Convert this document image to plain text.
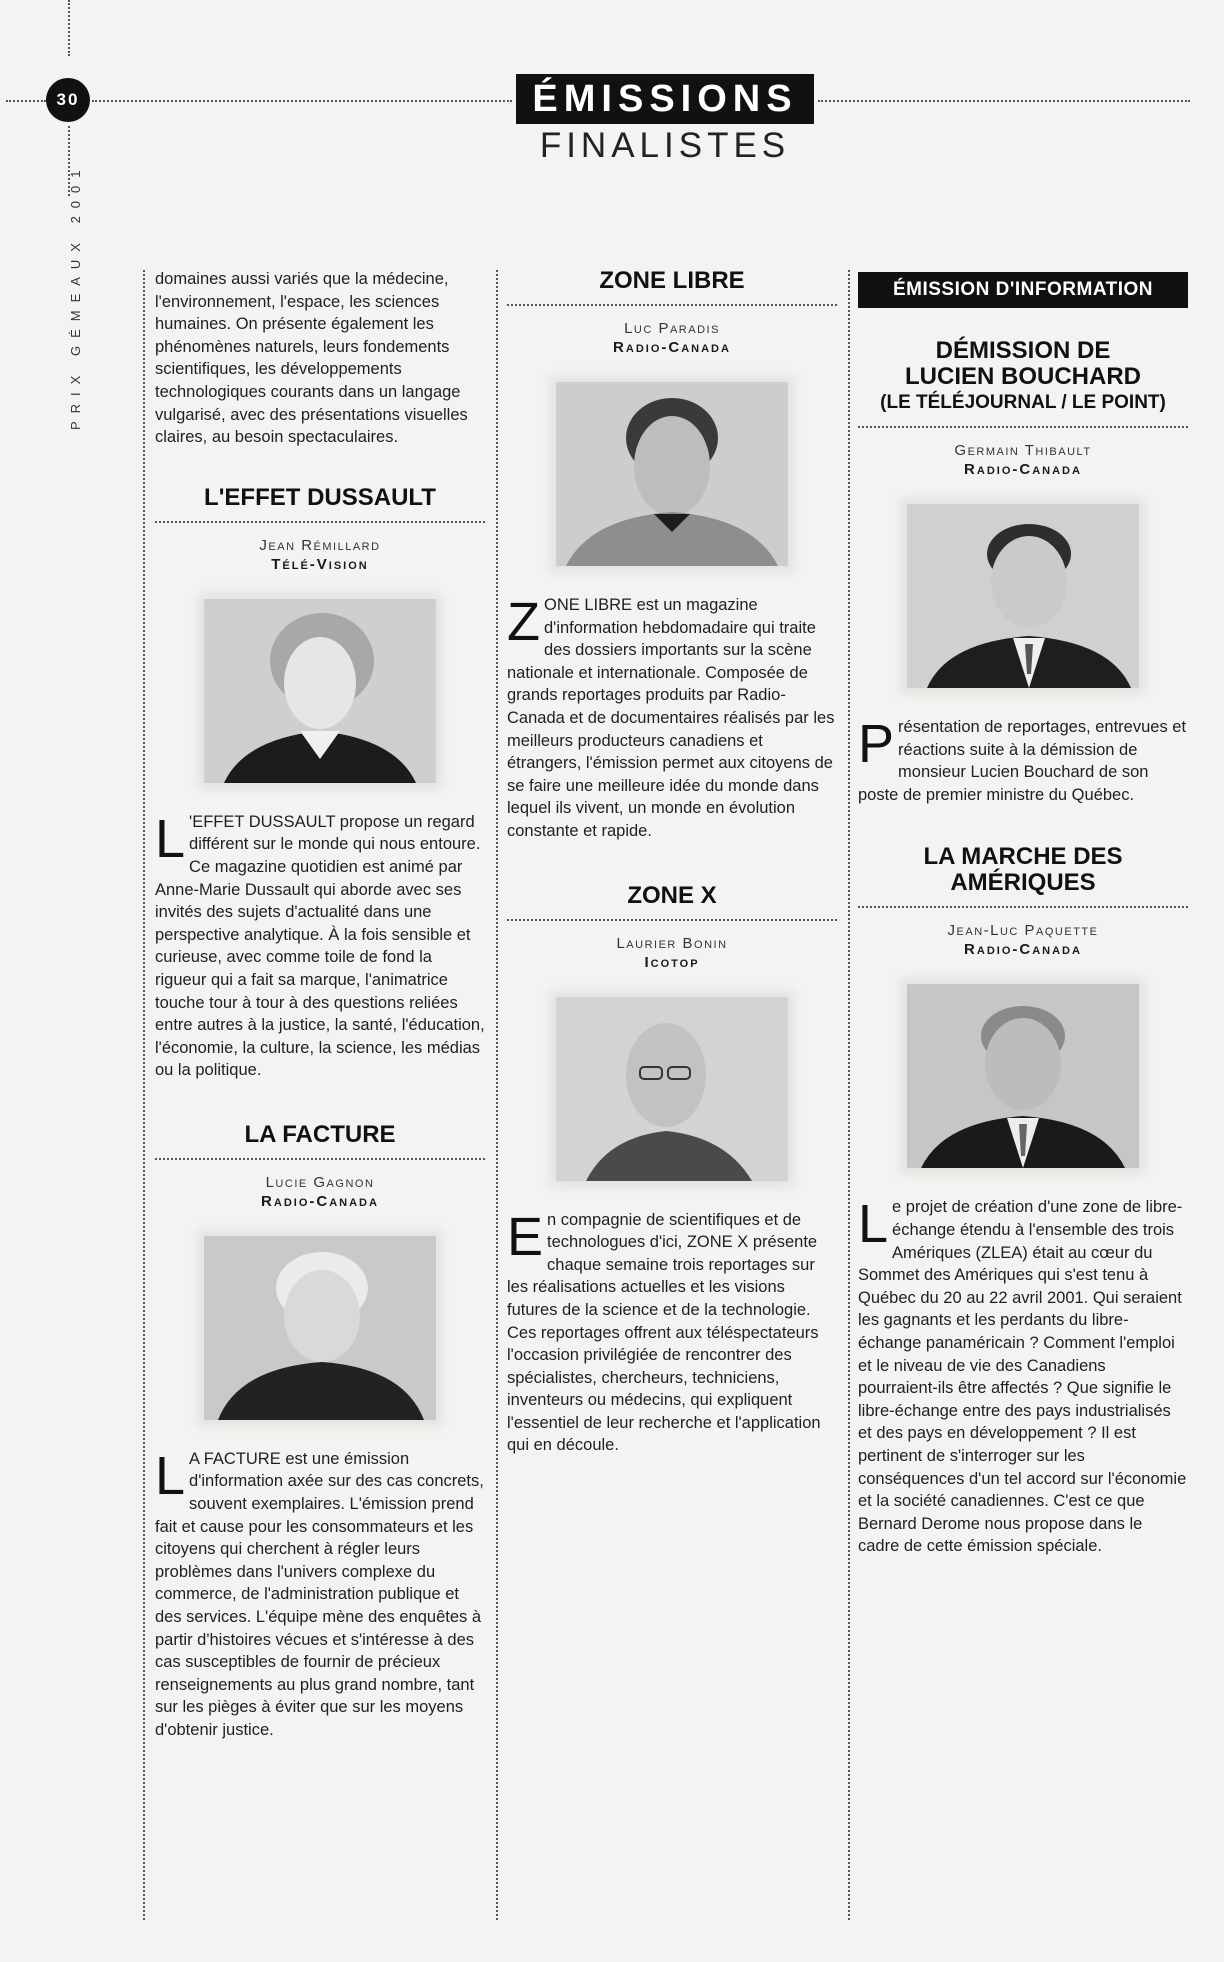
30
PRIX GÉMEAUX 2001
ÉMISSIONS
FINALISTES

domaines aussi variés que la médecine, l'environnement, l'espace, les sciences humaines. On présente également les phénomènes naturels, leurs fondements scientifiques, les développements technologiques courants dans un langage vulgarisé, avec des présentations visuelles claires, au besoin spectaculaires.

L'EFFET DUSSAULT
Jean Rémillard
Télé-Vision

L 'EFFET DUSSAULT propose un regard différent sur le monde qui nous entoure. Ce magazine quotidien est animé par Anne-Marie Dussault qui aborde avec ses invités des sujets d'actualité dans une perspective analytique. À la fois sensible et curieuse, avec comme toile de fond la rigueur qui a fait sa marque, l'animatrice touche tour à tour à des questions reliées entre autres à la justice, la santé, l'éducation, l'économie, la culture, la science, les médias ou la politique.

LA FACTURE
Lucie Gagnon
Radio-Canada

L A FACTURE est une émission d'information axée sur des cas concrets, souvent exemplaires. L'émission prend fait et cause pour les consommateurs et les citoyens qui cherchent à régler leurs problèmes dans l'univers complexe du commerce, de l'administration publique et des services. L'équipe mène des enquêtes à partir d'histoires vécues et s'intéresse à des cas susceptibles de fournir de précieux renseignements au plus grand nombre, tant sur les pièges à éviter que sur les moyens d'obtenir justice.

ZONE LIBRE
Luc Paradis
Radio-Canada

ZONE LIBRE est un magazine d'information hebdomadaire qui traite des dossiers importants sur la scène nationale et internationale. Composée de grands reportages produits par Radio-Canada et de documentaires réalisés par les meilleurs producteurs canadiens et étrangers, l'émission permet aux citoyens de se faire une meilleure idée du monde dans lequel ils vivent, un monde en évolution constante et rapide.

ZONE X
Laurier Bonin
Icotop

En compagnie de scientifiques et de technologues d'ici, ZONE X présente chaque semaine trois reportages sur les réalisations actuelles et les visions futures de la science et de la technologie. Ces reportages offrent aux téléspectateurs l'occasion privilégiée de rencontrer des spécialistes, chercheurs, techniciens, inventeurs ou médecins, qui expliquent l'essentiel de leur recherche et l'application qui en découle.

ÉMISSION D'INFORMATION
DÉMISSION DE LUCIEN BOUCHARD
(LE TÉLÉJOURNAL / LE POINT)
Germain Thibault
Radio-Canada

Présentation de reportages, entrevues et réactions suite à la démission de monsieur Lucien Bouchard de son poste de premier ministre du Québec.

LA MARCHE DES AMÉRIQUES
Jean-Luc Paquette
Radio-Canada

Le projet de création d'une zone de libre-échange étendu à l'ensemble des trois Amériques (ZLEA) était au cœur du Sommet des Amériques qui s'est tenu à Québec du 20 au 22 avril 2001. Qui seraient les gagnants et les perdants du libre-échange panaméricain ? Comment l'emploi et le niveau de vie des Canadiens pourraient-ils être affectés ? Que signifie le libre-échange entre des pays industrialisés et des pays en développement ? Il est pertinent de s'interroger sur les conséquences d'un tel accord sur l'économie et la société canadiennes. C'est ce que Bernard Derome nous propose dans le cadre de cette émission spéciale.
